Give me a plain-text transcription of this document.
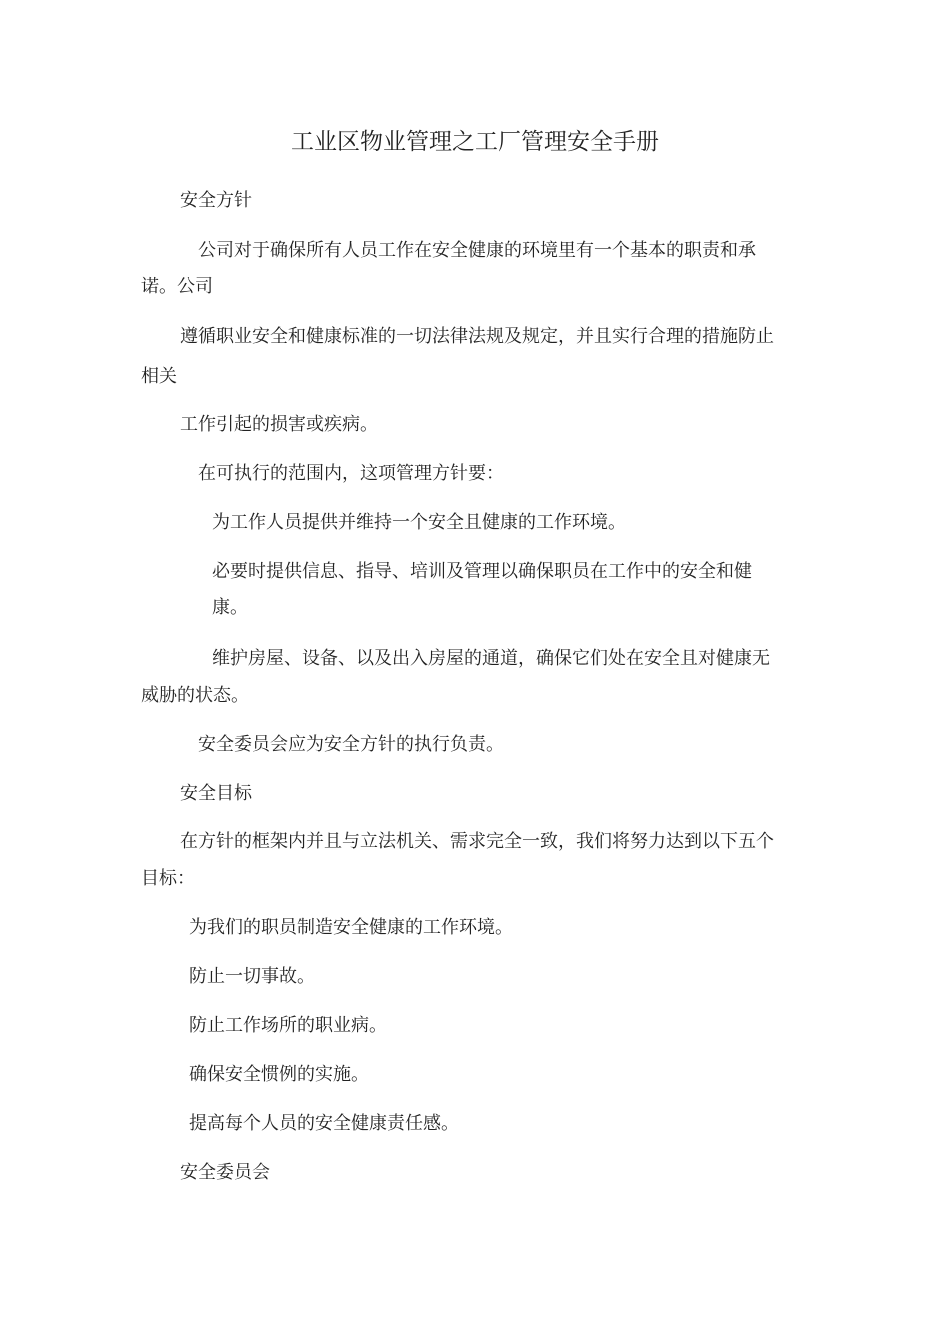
工业区物业管理之工厂管理安全手册
安全方针
公司对于确保所有人员工作在安全健康的环境里有一个基本的职责和承
诺。公司
遵循职业安全和健康标准的一切法律法规及规定，并且实行合理的措施防止
相关
工作引起的损害或疾病。
在可执行的范围内，这项管理方针要：
为工作人员提供并维持一个安全且健康的工作环境。
必要时提供信息、指导、培训及管理以确保职员在工作中的安全和健
康。
维护房屋、设备、以及出入房屋的通道，确保它们处在安全且对健康无
威胁的状态。
安全委员会应为安全方针的执行负责。
安全目标
在方针的框架内并且与立法机关、需求完全一致，我们将努力达到以下五个
目标：
为我们的职员制造安全健康的工作环境。
防止一切事故。
防止工作场所的职业病。
确保安全惯例的实施。
提高每个人员的安全健康责任感。
安全委员会
